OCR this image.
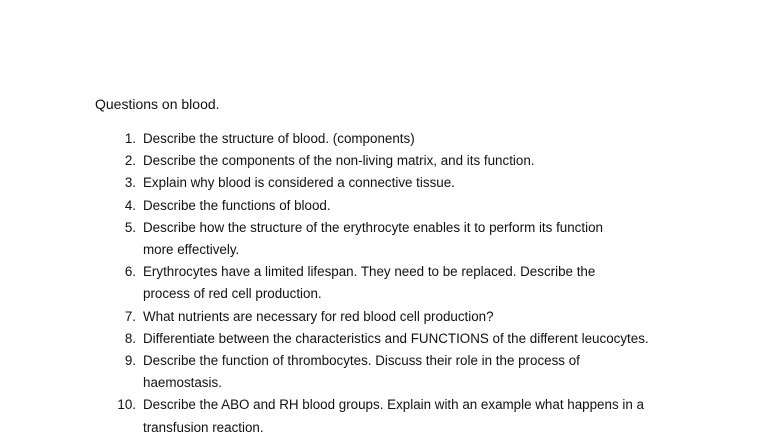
Questions on blood.
1. Describe the structure of blood. (components)
2. Describe the components of the non-living matrix, and its function.
3. Explain why blood is considered a connective tissue.
4. Describe the functions of blood.
5. Describe how the structure of the erythrocyte enables it to perform its function
more effectively.
6. Erythrocytes have a limited lifespan. They need to be replaced. Describe the
process of red cell production.
7. What nutrients are necessary for red blood cell production?
8. Differentiate between the characteristics and FUNCTIONS of the different leucocytes.
9. Describe the function of thrombocytes. Discuss their role in the process of
haemostasis.
10. Describe the ABO and RH blood groups. Explain with an example what happens in a
transfusion reaction.
